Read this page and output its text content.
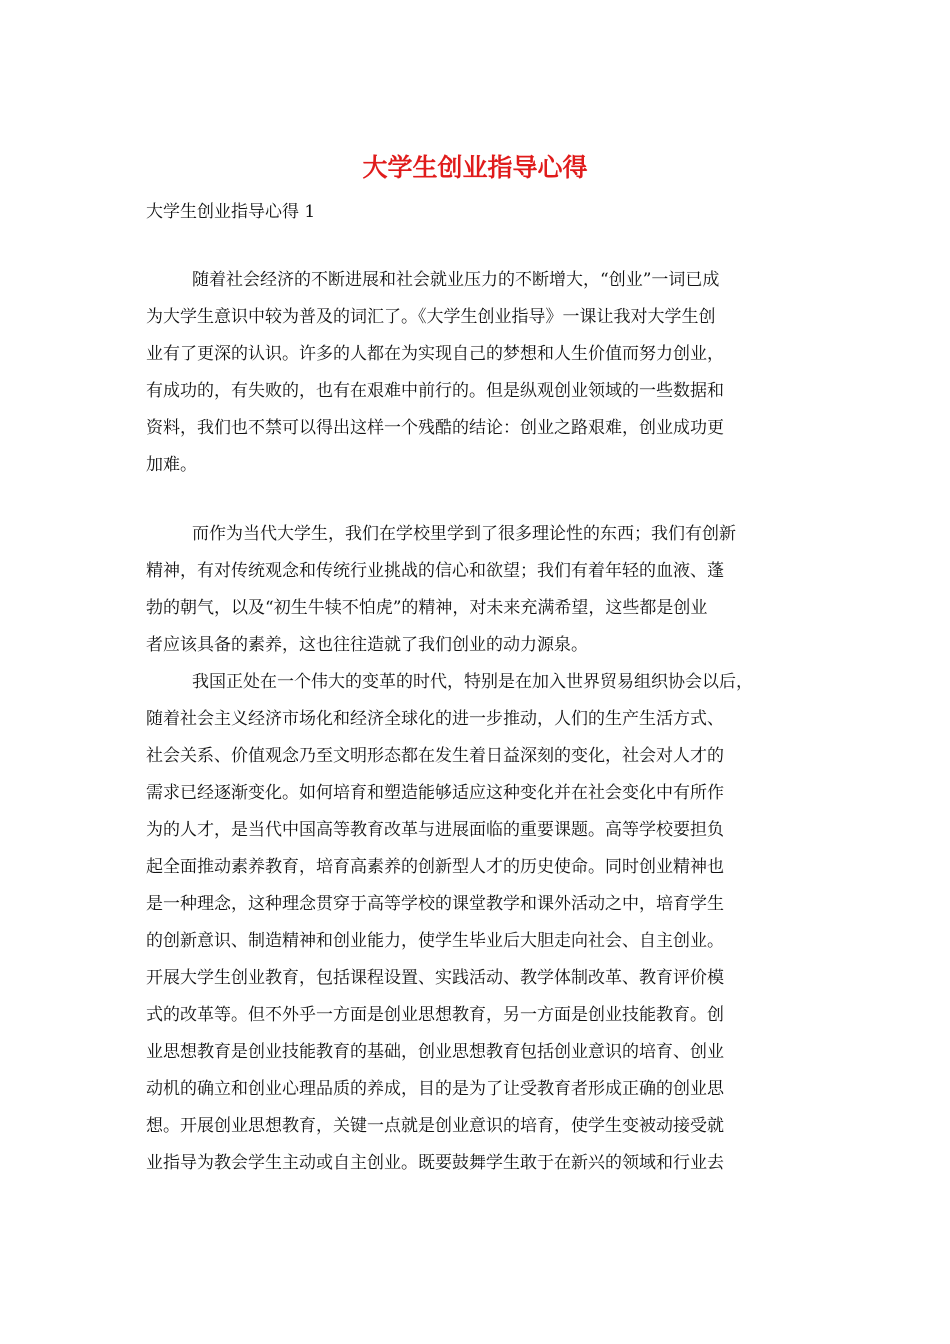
大学生创业指导心得

大学生创业指导心得 1

随着社会经济的不断进展和社会就业压力的不断增大，“创业”一词已成
为大学生意识中较为普及的词汇了。《大学生创业指导》一课让我对大学生创
业有了更深的认识。许多的人都在为实现自己的梦想和人生价值而努力创业，
有成功的，有失败的，也有在艰难中前行的。但是纵观创业领域的一些数据和
资料，我们也不禁可以得出这样一个残酷的结论：创业之路艰难，创业成功更
加难。
而作为当代大学生，我们在学校里学到了很多理论性的东西；我们有创新
精神，有对传统观念和传统行业挑战的信心和欲望；我们有着年轻的血液、蓬
勃的朝气，以及“初生牛犊不怕虎”的精神，对未来充满希望，这些都是创业
者应该具备的素养，这也往往造就了我们创业的动力源泉。
我国正处在一个伟大的变革的时代，特别是在加入世界贸易组织协会以后，
随着社会主义经济市场化和经济全球化的进一步推动，人们的生产生活方式、
社会关系、价值观念乃至文明形态都在发生着日益深刻的变化，社会对人才的
需求已经逐渐变化。如何培育和塑造能够适应这种变化并在社会变化中有所作
为的人才，是当代中国高等教育改革与进展面临的重要课题。高等学校要担负
起全面推动素养教育，培育高素养的创新型人才的历史使命。同时创业精神也
是一种理念，这种理念贯穿于高等学校的课堂教学和课外活动之中，培育学生
的创新意识、制造精神和创业能力，使学生毕业后大胆走向社会、自主创业。
开展大学生创业教育，包括课程设置、实践活动、教学体制改革、教育评价模
式的改革等。但不外乎一方面是创业思想教育，另一方面是创业技能教育。创
业思想教育是创业技能教育的基础，创业思想教育包括创业意识的培育、创业
动机的确立和创业心理品质的养成，目的是为了让受教育者形成正确的创业思
想。开展创业思想教育，关键一点就是创业意识的培育，使学生变被动接受就
业指导为教会学生主动或自主创业。既要鼓舞学生敢于在新兴的领域和行业去
